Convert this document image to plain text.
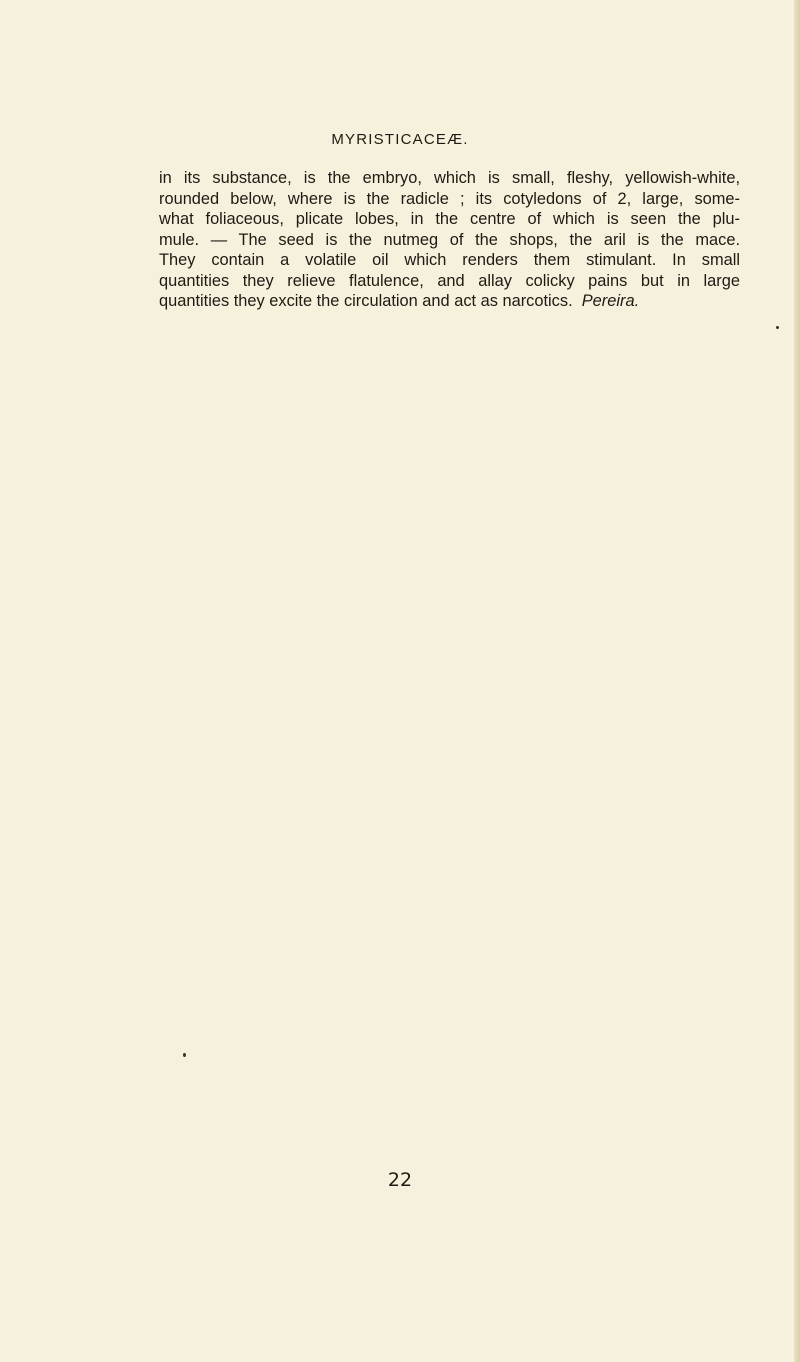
MYRISTICACEÆ.
in its substance, is the embryo, which is small, fleshy, yellowish-white,
rounded below, where is the radicle ; its cotyledons of 2, large, some-
what foliaceous, plicate lobes, in the centre of which is seen the plu-
mule. — The seed is the nutmeg of the shops, the aril is the mace.
They contain a volatile oil which renders them stimulant. In small
quantities they relieve flatulence, and allay colicky pains but in large
quantities they excite the circulation and act as narcotics. Pereira.
22
